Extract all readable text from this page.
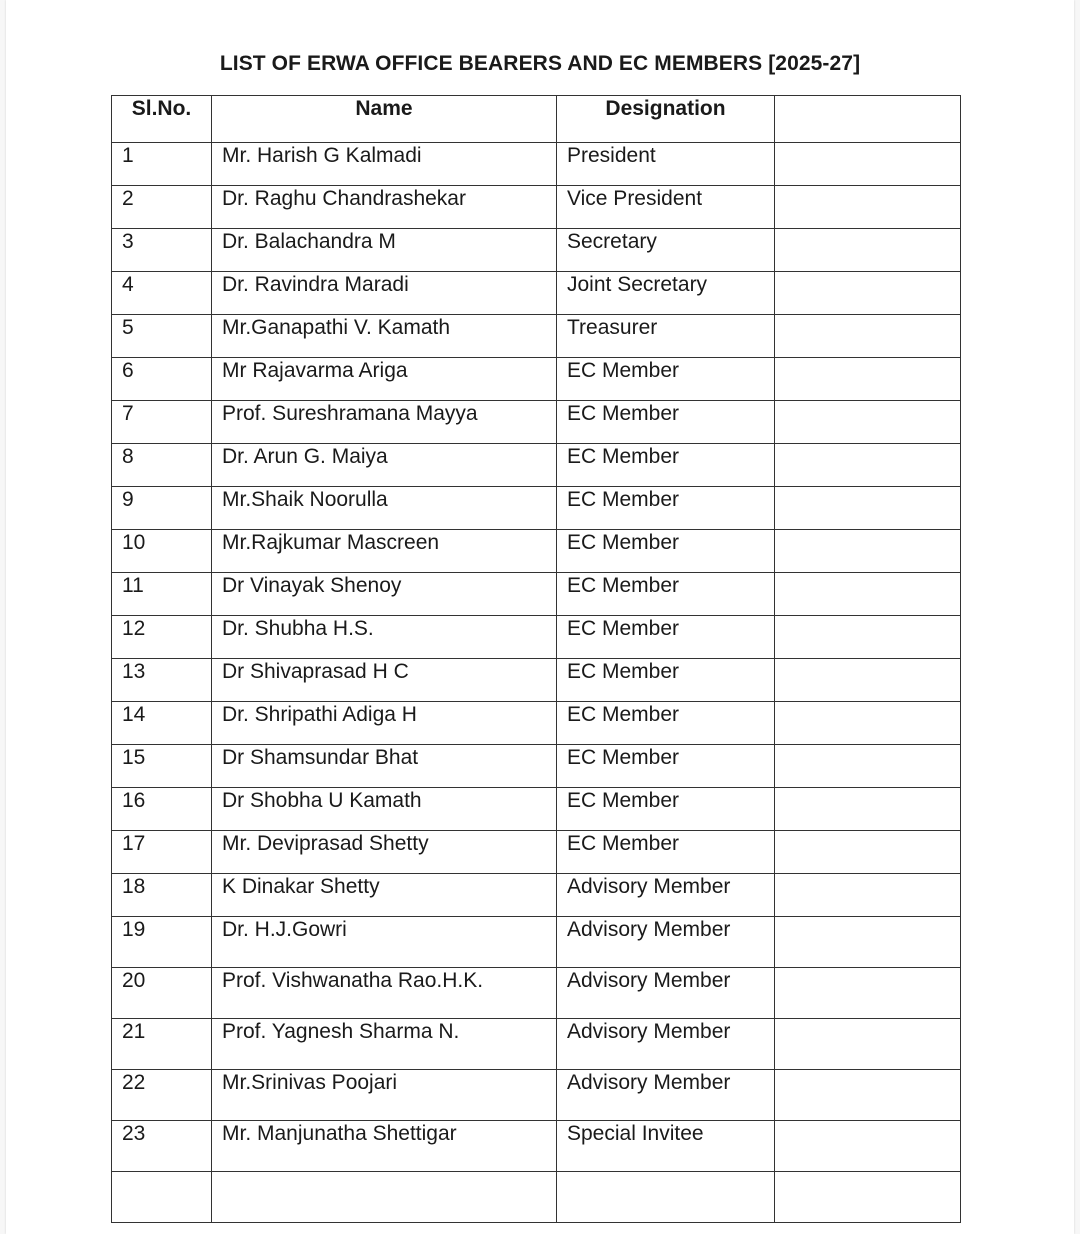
LIST OF ERWA OFFICE BEARERS AND EC MEMBERS [2025-27]
Sl.No.	Name	Designation	
1	Mr. Harish G Kalmadi	President	
2	Dr. Raghu Chandrashekar	Vice President	
3	Dr. Balachandra M	Secretary	
4	Dr. Ravindra Maradi	Joint Secretary	
5	Mr.Ganapathi V. Kamath	Treasurer	
6	Mr Rajavarma Ariga	EC Member	
7	Prof. Sureshramana Mayya	EC Member	
8	Dr. Arun G. Maiya	EC Member	
9	Mr.Shaik Noorulla	EC Member	
10	Mr.Rajkumar Mascreen	EC Member	
11	Dr Vinayak Shenoy	EC Member	
12	Dr. Shubha H.S.	EC Member	
13	Dr Shivaprasad H C	EC Member	
14	Dr. Shripathi Adiga H	EC Member	
15	Dr Shamsundar Bhat	EC Member	
16	Dr Shobha U Kamath	EC Member	
17	Mr. Deviprasad Shetty	EC Member	
18	K Dinakar Shetty	Advisory Member	
19	Dr. H.J.Gowri	Advisory Member	
20	Prof. Vishwanatha Rao.H.K.	Advisory Member	
21	Prof. Yagnesh Sharma N.	Advisory Member	
22	Mr.Srinivas Poojari	Advisory Member	
23	Mr. Manjunatha Shettigar	Special Invitee	
